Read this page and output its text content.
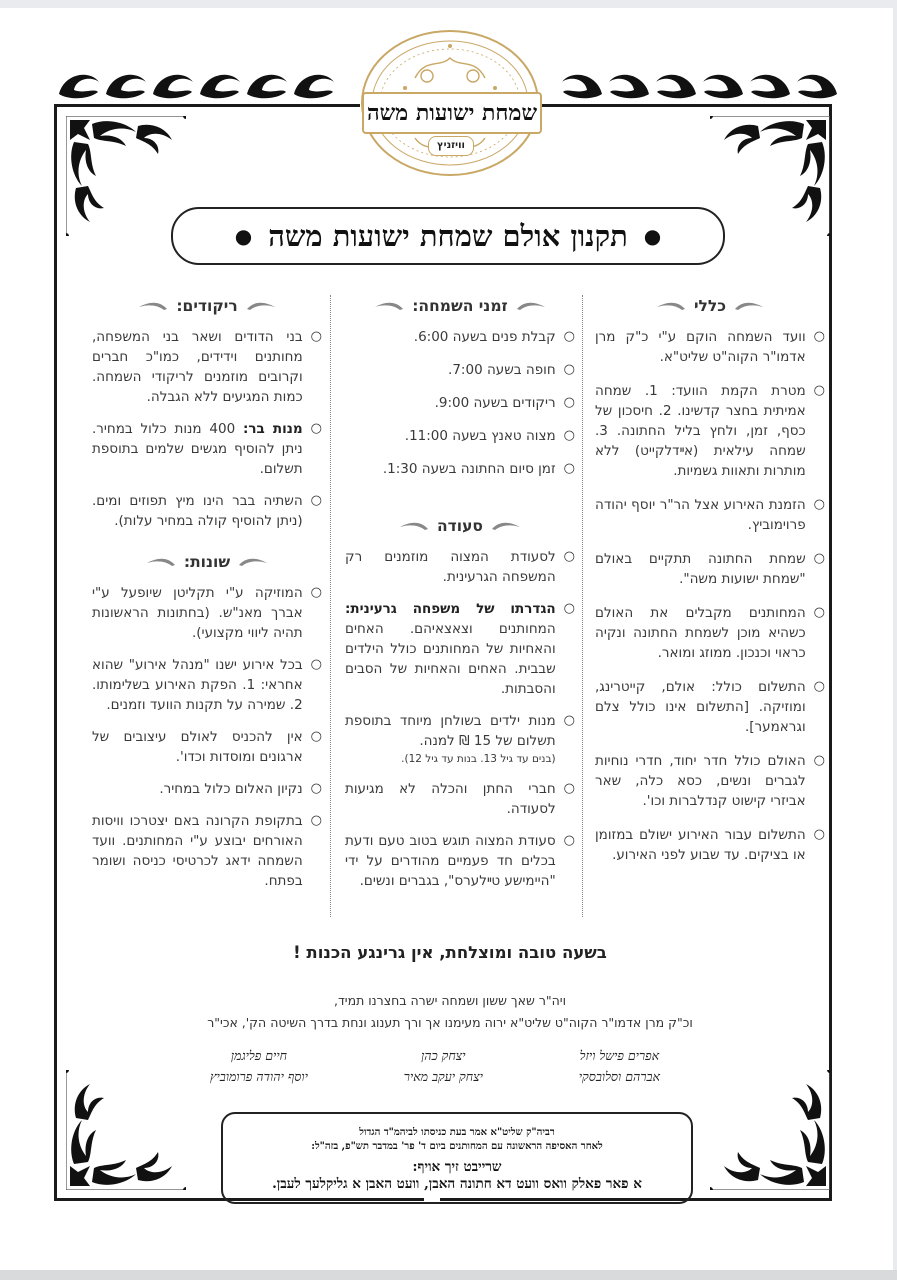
שמחת ישועות משה
וויזניץ
●
תקנון אולם שמחת ישועות משה
●
כללי
○
וועד השמחה הוקם ע"י כ"ק מרן אדמו"ר הקוה"ט שליט"א.
○
מטרת הקמת הוועד: 1. שמחה אמיתית בחצר קדשינו. 2. חיסכון של כסף, זמן, ולחץ בליל החתונה. 3. שמחה עילאית (אײדלקייט) ללא מותרות ותאוות גשמיות.
○
הזמנת האירוע אצל הר"ר יוסף יהודה פרוימוביץ.
○
שמחת החתונה תתקיים באולם "שמחת ישועות משה".
○
המחותנים מקבלים את האולם כשהיא מוכן לשמחת החתונה ונקיה כראוי וכנכון. ממוזג ומואר.
○
התשלום כולל: אולם, קייטרינג, ומוזיקה. [התשלום אינו כולל צלם וגראמער].
○
האולם כולל חדר יחוד, חדרי נוחיות לגברים ונשים, כסא כלה, שאר אביזרי קישוט קנדלברות וכו'.
○
התשלום עבור האירוע ישולם במזומן או בציקים. עד שבוע לפני האירוע.
זמני השמחה:
○
קבלת פנים בשעה 6:00.
○
חופה בשעה 7:00.
○
ריקודים בשעה 9:00.
○
מצוה טאנץ בשעה 11:00.
○
זמן סיום החתונה בשעה 1:30.
סעודה
○
לסעודת המצוה מוזמנים רק המשפחה הגרעינית.
○
הגדרתו של משפחה גרעינית: המחותנים וצאצאיהם. האחים והאחיות של המחותנים כולל הילדים שבבית. האחים והאחיות של הסבים והסבתות.
○
מנות ילדים בשולחן מיוחד בתוספת תשלום של 15 ₪ למנה.
(בנים עד גיל 13. בנות עד גיל 12).
○
חברי החתן והכלה לא מגיעות לסעודה.
○
סעודת המצוה תוגש בטוב טעם ודעת בכלים חד פעמיים מהודרים על ידי "היימישע טײלערס", בגברים ונשים.
ריקודים:
○
בני הדודים ושאר בני המשפחה, מחותנים וידידים, כמו"כ חברים וקרובים מוזמנים לריקודי השמחה. כמות המגיעים ללא הגבלה.
○
מנות בר: 400 מנות כלול במחיר. ניתן להוסיף מגשים שלמים בתוספת תשלום.
○
השתיה בבר הינו מיץ תפוזים ומים. (ניתן להוסיף קולה במחיר עלות).
שונות:
○
המוזיקה ע"י תקליטן שיופעל ע"י אברך מאנ"ש. (בחתונות הראשונות תהיה ליווי מקצועי).
○
בכל אירוע ישנו "מנהל אירוע" שהוא אחראי: 1. הפקת האירוע בשלימותו. 2. שמירה על תקנות הוועד וזמנים.
○
אין להכניס לאולם עיצובים של ארגונים ומוסדות וכדו'.
○
נקיון האלום כלול במחיר.
○
בתקופת הקרונה באם יצטרכו וויסות האורחים יבוצע ע"י המחותנים. וועד השמחה ידאג לכרטיסי כניסה ושומר בפתח.
בשעה טובה ומוצלחת, אין גרינגע הכנות !
ויה"ר שאך ששון ושמחה ישרה בחצרנו תמיד,
וכ"ק מרן אדמו"ר הקוה"ט שליט"א ירוה מעימנו אך ורך תענוג ונחת בדרך השיטה הק', אכי"ר
אפרים פישל ויזל
אברהם וסלובסקי
יצחק כהן
יצחק יעקב מאיר
חיים פליגמן
יוסף יהודה פרומוביץ
רביה"ק שליט"א אמר בעת כניסתו לביהמ"ד הגדול
לאחר האסיפה הראשונה עם המחותנים ביום ד' פר' במדבר תש"פ, בזה"ל:
שרייבט זיך אויף:
א פאר פאלק וואס וועט דא חתונה האבן, וועט האבן א גליקלעך לעבן.
